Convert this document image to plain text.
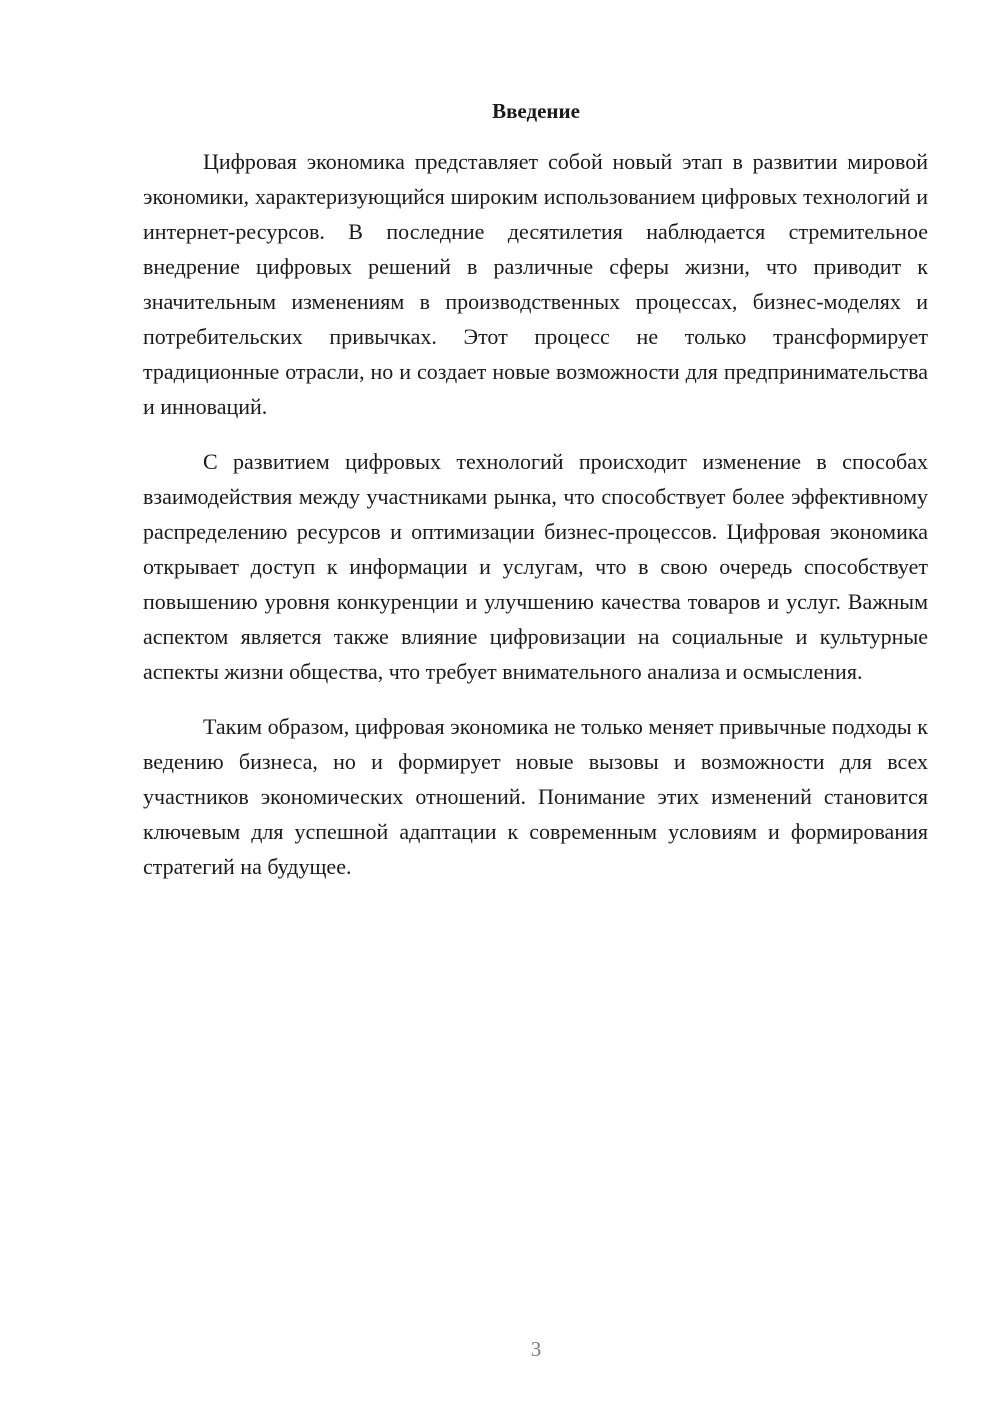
Введение

Цифровая экономика представляет собой новый этап в развитии мировой экономики, характеризующийся широким использованием цифровых технологий и интернет-ресурсов. В последние десятилетия наблюдается стремительное внедрение цифровых решений в различные сферы жизни, что приводит к значительным изменениям в производственных процессах, бизнес-моделях и потребительских привычках. Этот процесс не только трансформирует традиционные отрасли, но и создает новые возможности для предпринимательства и инноваций.

С развитием цифровых технологий происходит изменение в способах взаимодействия между участниками рынка, что способствует более эффективному распределению ресурсов и оптимизации бизнес-процессов. Цифровая экономика открывает доступ к информации и услугам, что в свою очередь способствует повышению уровня конкуренции и улучшению качества товаров и услуг. Важным аспектом является также влияние цифровизации на социальные и культурные аспекты жизни общества, что требует внимательного анализа и осмысления.

Таким образом, цифровая экономика не только меняет привычные подходы к ведению бизнеса, но и формирует новые вызовы и возможности для всех участников экономических отношений. Понимание этих изменений становится ключевым для успешной адаптации к современным условиям и формирования стратегий на будущее.

3
